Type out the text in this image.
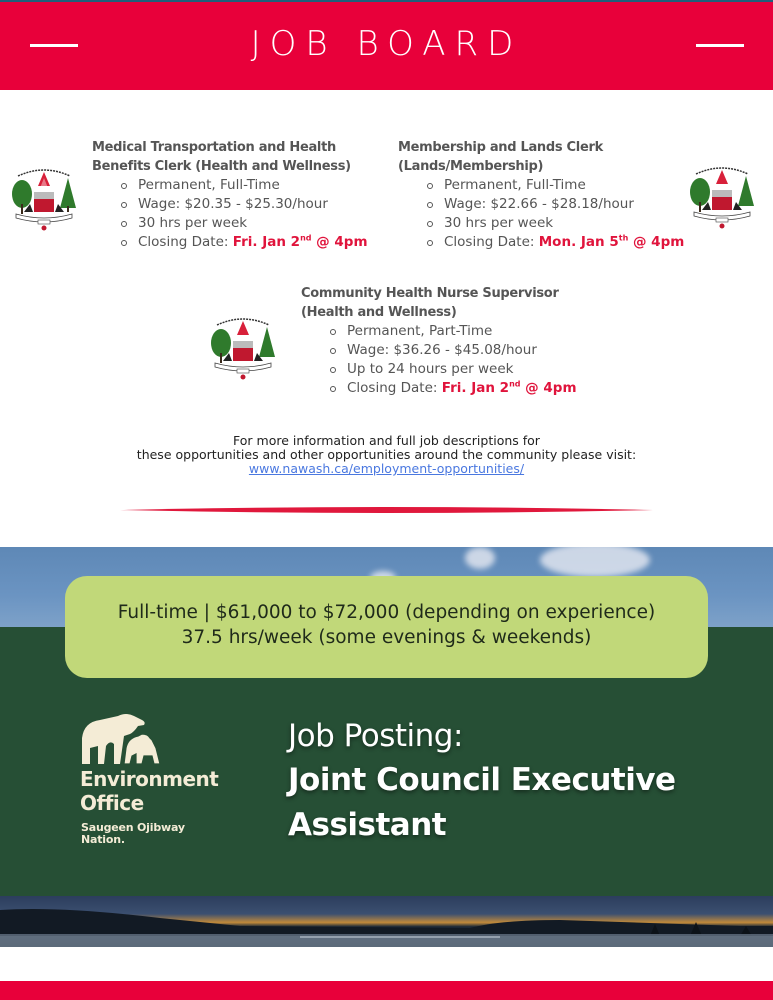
JOB BOARD
Medical Transportation and Health
Benefits Clerk (Health and Wellness)
Permanent, Full-Time
Wage: $20.35 - $25.30/hour
30 hrs per week
Closing Date: Fri. Jan 2nd @ 4pm
Membership and Lands Clerk
(Lands/Membership)
Permanent, Full-Time
Wage: $22.66 - $28.18/hour
30 hrs per week
Closing Date: Mon. Jan 5th @ 4pm
Community Health Nurse Supervisor
(Health and Wellness)
Permanent, Part-Time
Wage: $36.26 - $45.08/hour
Up to 24 hours per week
Closing Date: Fri. Jan 2nd @ 4pm
For more information and full job descriptions for
these opportunities and other opportunities around the community please visit:
www.nawash.ca/employment-opportunities/
Full-time | $61,000 to $72,000 (depending on experience)
37.5 hrs/week (some evenings & weekends)
Environment
Office
Saugeen Ojibway
Nation.
Job Posting:
Joint Council Executive
Assistant
